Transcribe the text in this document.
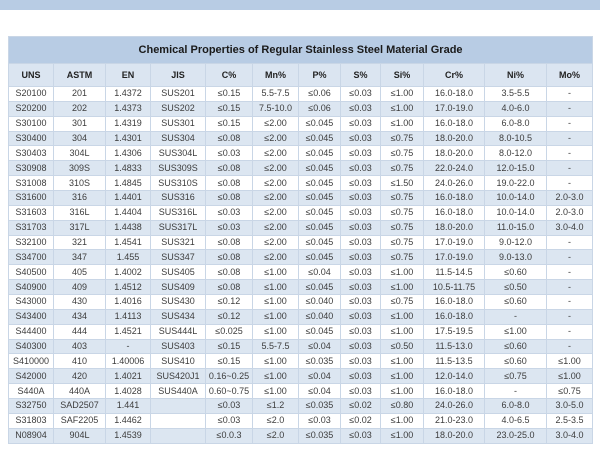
Chemical Properties of Regular Stainless Steel Material Grade											
UNS	ASTM	EN	JIS	C%	Mn%	P%	S%	Si%	Cr%	Ni%	Mo%
S20100	201	1.4372	SUS201	≤0.15	5.5-7.5	≤0.06	≤0.03	≤1.00	16.0-18.0	3.5-5.5	-
S20200	202	1.4373	SUS202	≤0.15	7.5-10.0	≤0.06	≤0.03	≤1.00	17.0-19.0	4.0-6.0	-
S30100	301	1.4319	SUS301	≤0.15	≤2.00	≤0.045	≤0.03	≤1.00	16.0-18.0	6.0-8.0	-
S30400	304	1.4301	SUS304	≤0.08	≤2.00	≤0.045	≤0.03	≤0.75	18.0-20.0	8.0-10.5	-
S30403	304L	1.4306	SUS304L	≤0.03	≤2.00	≤0.045	≤0.03	≤0.75	18.0-20.0	8.0-12.0	-
S30908	309S	1.4833	SUS309S	≤0.08	≤2.00	≤0.045	≤0.03	≤0.75	22.0-24.0	12.0-15.0	-
S31008	310S	1.4845	SUS310S	≤0.08	≤2.00	≤0.045	≤0.03	≤1.50	24.0-26.0	19.0-22.0	-
S31600	316	1.4401	SUS316	≤0.08	≤2.00	≤0.045	≤0.03	≤0.75	16.0-18.0	10.0-14.0	2.0-3.0
S31603	316L	1.4404	SUS316L	≤0.03	≤2.00	≤0.045	≤0.03	≤0.75	16.0-18.0	10.0-14.0	2.0-3.0
S31703	317L	1.4438	SUS317L	≤0.03	≤2.00	≤0.045	≤0.03	≤0.75	18.0-20.0	11.0-15.0	3.0-4.0
S32100	321	1.4541	SUS321	≤0.08	≤2.00	≤0.045	≤0.03	≤0.75	17.0-19.0	9.0-12.0	-
S34700	347	1.455	SUS347	≤0.08	≤2.00	≤0.045	≤0.03	≤0.75	17.0-19.0	9.0-13.0	-
S40500	405	1.4002	SUS405	≤0.08	≤1.00	≤0.04	≤0.03	≤1.00	11.5-14.5	≤0.60	-
S40900	409	1.4512	SUS409	≤0.08	≤1.00	≤0.045	≤0.03	≤1.00	10.5-11.75	≤0.50	-
S43000	430	1.4016	SUS430	≤0.12	≤1.00	≤0.040	≤0.03	≤0.75	16.0-18.0	≤0.60	-
S43400	434	1.4113	SUS434	≤0.12	≤1.00	≤0.040	≤0.03	≤1.00	16.0-18.0	-	-
S44400	444	1.4521	SUS444L	≤0.025	≤1.00	≤0.045	≤0.03	≤1.00	17.5-19.5	≤1.00	-
S40300	403	-	SUS403	≤0.15	5.5-7.5	≤0.04	≤0.03	≤0.50	11.5-13.0	≤0.60	-
S410000	410	1.40006	SUS410	≤0.15	≤1.00	≤0.035	≤0.03	≤1.00	11.5-13.5	≤0.60	≤1.00
S42000	420	1.4021	SUS420J1	0.16~0.25	≤1.00	≤0.04	≤0.03	≤1.00	12.0-14.0	≤0.75	≤1.00
S440A	440A	1.4028	SUS440A	0.60~0.75	≤1.00	≤0.04	≤0.03	≤1.00	16.0-18.0	-	≤0.75
S32750	SAD2507	1.441		≤0.03	≤1.2	≤0.035	≤0.02	≤0.80	24.0-26.0	6.0-8.0	3.0-5.0
S31803	SAF2205	1.4462		≤0.03	≤2.0	≤0.03	≤0.02	≤1.00	21.0-23.0	4.0-6.5	2.5-3.5
N08904	904L	1.4539		≤0.0.3	≤2.0	≤0.035	≤0.03	≤1.00	18.0-20.0	23.0-25.0	3.0-4.0
